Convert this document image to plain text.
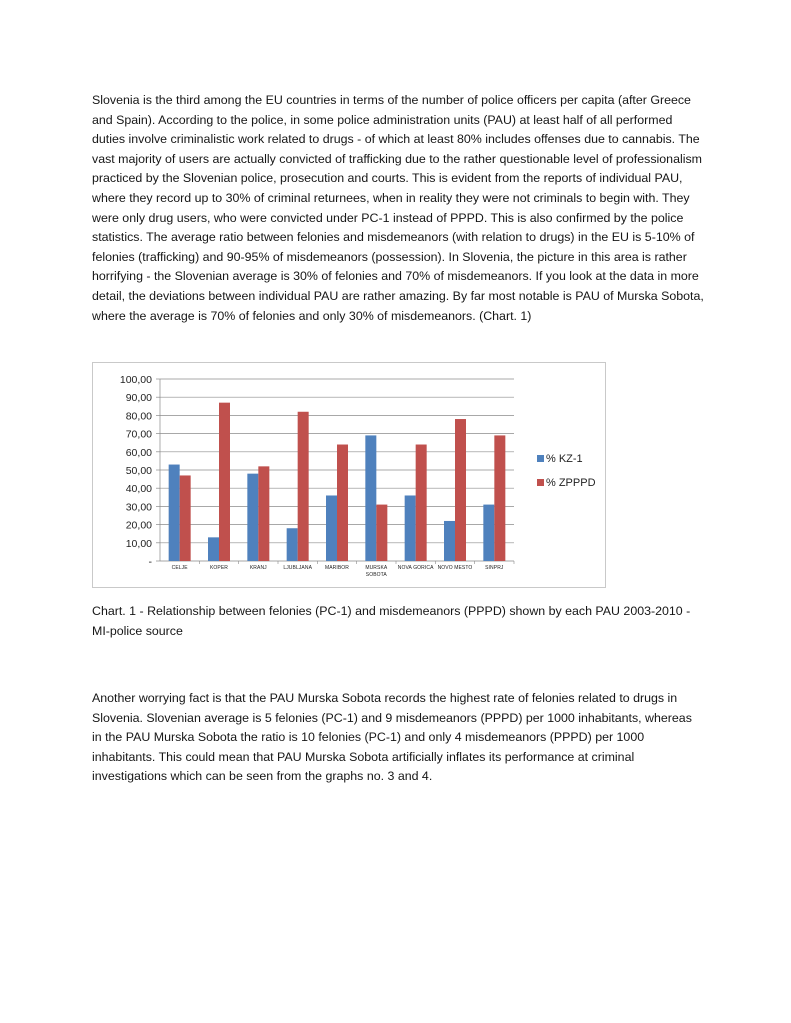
Slovenia is the third among the EU countries in terms of the number of police officers per capita (after Greece and Spain). According to the police, in some police administration units (PAU) at least half of all performed duties involve criminalistic work related to drugs - of which at least 80% includes offenses due to cannabis. The vast majority of users are actually convicted of trafficking due to the rather questionable level of professionalism practiced by the Slovenian police, prosecution and courts. This is evident from the reports of individual PAU, where they record up to 30% of criminal returnees, when in reality they were not criminals to begin with. They were only drug users, who were convicted under PC-1 instead of PPPD. This is also confirmed by the police statistics. The average ratio between felonies and misdemeanors (with relation to drugs) in the EU is 5-10% of felonies (trafficking) and 90-95% of misdemeanors (possession). In Slovenia, the picture in this area is rather horrifying - the Slovenian average is 30% of felonies and 70% of misdemeanors. If you look at the data in more detail, the deviations between individual PAU are rather amazing. By far most notable is PAU of Murska Sobota, where the average is 70% of felonies and only 30% of misdemeanors. (Chart. 1)

-
10,00
20,00
30,00
40,00
50,00
60,00
70,00
80,00
90,00
100,00
CELJE	KOPER	KRANJ	LJUBLJANA	MARIBOR	MURSKA
SOBOTA
NOVA GORICA NOVO MESTO	SINPRJ
% KZ-1
% ZPPPD

Chart. 1 - Relationship between felonies (PC-1) and misdemeanors (PPPD) shown by each PAU 2003-2010 - MI-police source

Another worrying fact is that the PAU Murska Sobota records the highest rate of felonies related to drugs in Slovenia. Slovenian average is 5 felonies (PC-1) and 9 misdemeanors (PPPD) per 1000 inhabitants, whereas in the PAU Murska Sobota the ratio is 10 felonies (PC-1) and only 4 misdemeanors (PPPD) per 1000 inhabitants. This could mean that PAU Murska Sobota artificially inflates its performance at criminal investigations which can be seen from the graphs no. 3 and 4.
